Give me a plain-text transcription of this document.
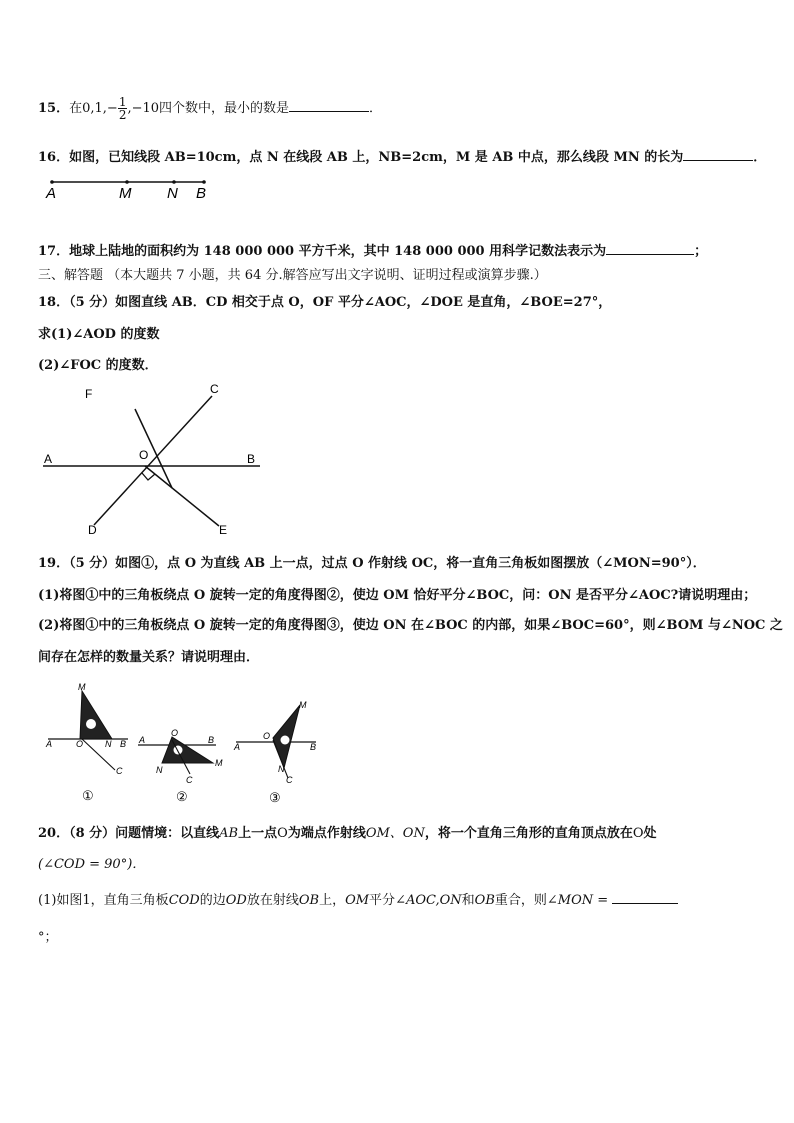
15．在$0,1,- \frac{1}{2} ,-10$四个数中，最小的数是	．
16．如图，已知线段 AB=10cm，点 N 在线段 AB 上，NB=2cm，M 是 AB 中点，那么线段 MN 的长为	．
A	M N B
17．地球上陆地的面积约为 148 000 000 平方千米，其中 148 000 000 用科学记数法表示为	；
三、解答题 （本大题共 7 小题，共 64 分.解答应写出文字说明、证明过程或演算步骤.）
18．（5 分）如图直线 AB．CD 相交于点 O，OF 平分∠AOC，∠DOE 是直角，∠BOE=27°，
求(1)∠AOD 的度数
(2)∠FOC 的度数．
F	C
A	O	B
D	E
19．（5 分）如图①，点 O 为直线 AB 上一点，过点 O 作射线 OC，将一直角三角板如图摆放（∠MON=90°）．
(1)将图①中的三角板绕点 O 旋转一定的角度得图②，使边 OM 恰好平分∠BOC，问：ON 是否平分∠AOC?请说明理由；
(2)将图①中的三角板绕点 O 旋转一定的角度得图③，使边 ON 在∠BOC 的内部，如果∠BOC=60°，则∠BOM 与∠NOC 之
间存在怎样的数量关系？请说明理由．
M
A	O N B
C
①
A
O
B
N
C
M
②
M
A
O
B
N
C
③
20．（8 分）问题情境：以直线AB上一点O为端点作射线OM、ON，将一个直角三角形的直角顶点放在O处
(∠COD = 90°)．
(1)如图1，直角三角板COD的边OD放在射线OB上，OM平分∠AOC,ON和OB重合，则∠MON =
°；
